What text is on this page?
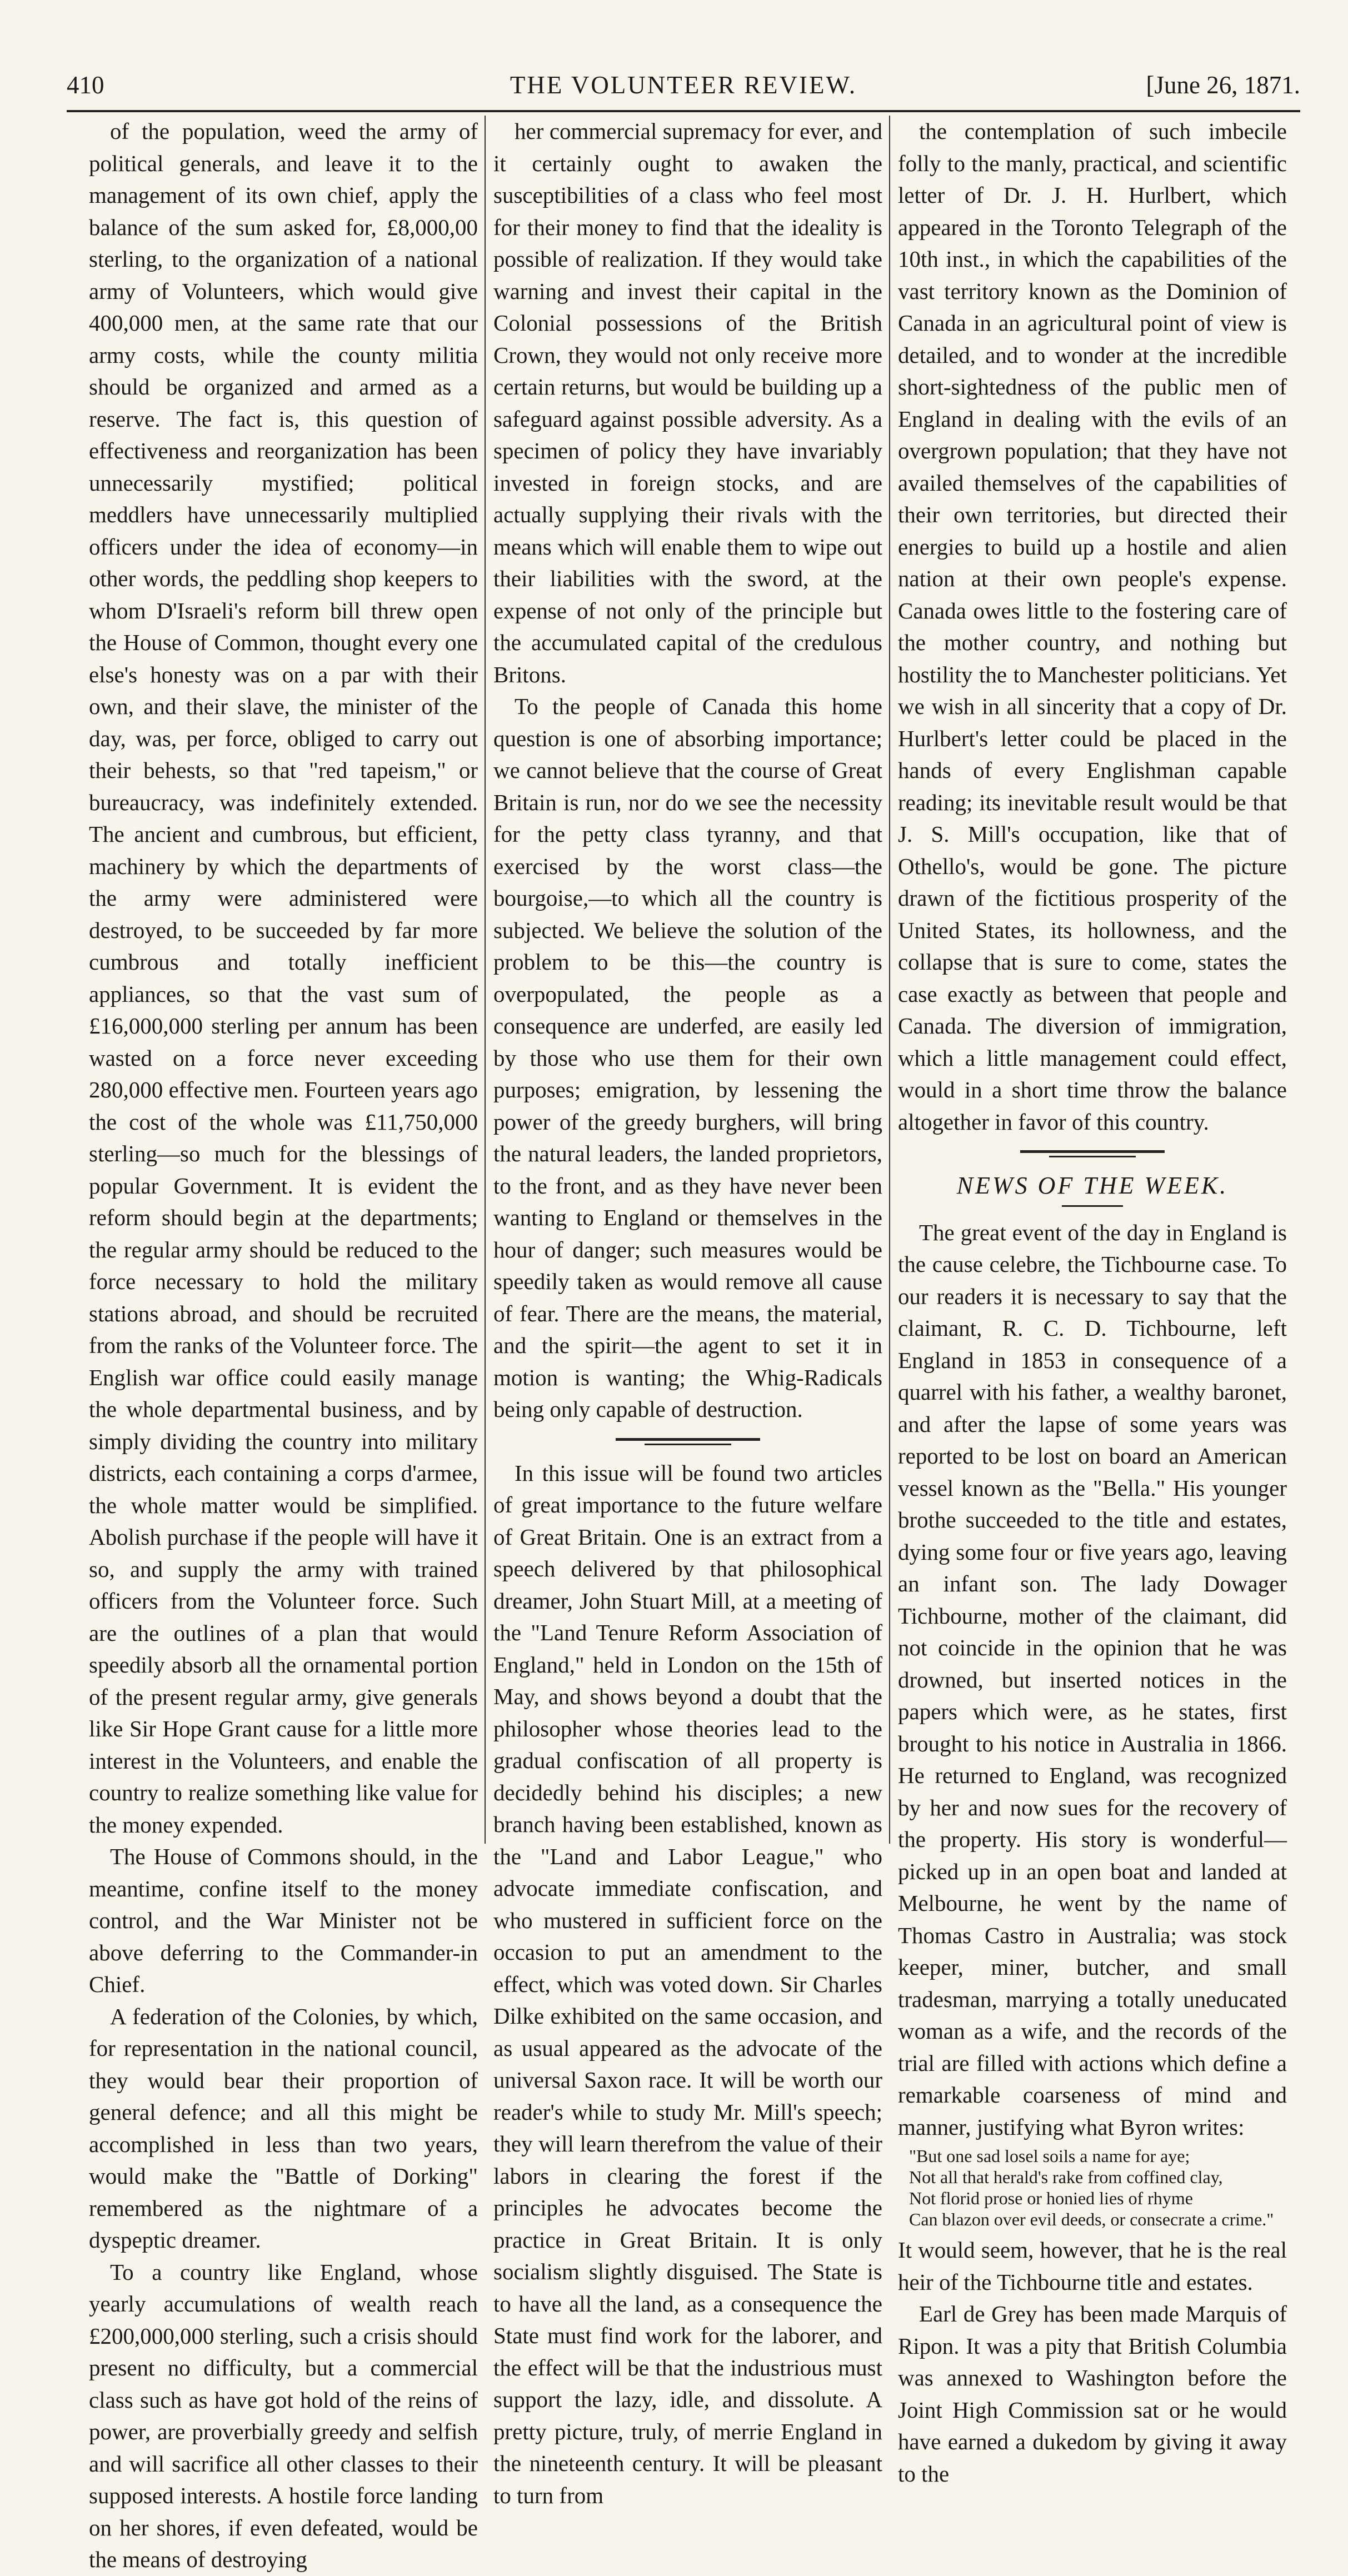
410	THE VOLUNTEER REVIEW.	[June 26, 1871.

of the population, weed the army of political generals, and leave it to the management of its own chief, apply the balance of the sum asked for, £8,000,00 sterling, to the organization of a national army of Volunteers, which would give 400,000 men, at the same rate that our army costs, while the county militia should be organized and armed as a reserve. The fact is, this question of effectiveness and reorganization has been unnecessarily mystified; political meddlers have unnecessarily multiplied officers under the idea of economy—in other words, the peddling shop keepers to whom D'Israeli's reform bill threw open the House of Common, thought every one else's honesty was on a par with their own, and their slave, the minister of the day, was, per force, obliged to carry out their behests, so that "red tapeism," or bureaucracy, was indefinitely extended. The ancient and cumbrous, but efficient, machinery by which the departments of the army were administered were destroyed, to be succeeded by far more cumbrous and totally inefficient appliances, so that the vast sum of £16,000,000 sterling per annum has been wasted on a force never exceeding 280,000 effective men. Fourteen years ago the cost of the whole was £11,750,000 sterling—so much for the blessings of popular Government. It is evident the reform should begin at the departments; the regular army should be reduced to the force necessary to hold the military stations abroad, and should be recruited from the ranks of the Volunteer force. The English war office could easily manage the whole departmental business, and by simply dividing the country into military districts, each containing a corps d'armee, the whole matter would be simplified. Abolish purchase if the people will have it so, and supply the army with trained officers from the Volunteer force. Such are the outlines of a plan that would speedily absorb all the ornamental portion of the present regular army, give generals like Sir Hope Grant cause for a little more interest in the Volunteers, and enable the country to realize something like value for the money expended.

The House of Commons should, in the meantime, confine itself to the money control, and the War Minister not be above deferring to the Commander-in Chief.

A federation of the Colonies, by which, for representation in the national council, they would bear their proportion of general defence; and all this might be accomplished in less than two years, would make the "Battle of Dorking" remembered as the nightmare of a dyspeptic dreamer.

To a country like England, whose yearly accumulations of wealth reach £200,000,000 sterling, such a crisis should present no difficulty, but a commercial class such as have got hold of the reins of power, are proverbially greedy and selfish and will sacrifice all other classes to their supposed interests. A hostile force landing on her shores, if even defeated, would be the means of destroying

her commercial supremacy for ever, and it certainly ought to awaken the susceptibilities of a class who feel most for their money to find that the ideality is possible of realization. If they would take warning and invest their capital in the Colonial possessions of the British Crown, they would not only receive more certain returns, but would be building up a safeguard against possible adversity. As a specimen of policy they have invariably invested in foreign stocks, and are actually supplying their rivals with the means which will enable them to wipe out their liabilities with the sword, at the expense of not only of the principle but the accumulated capital of the credulous Britons.

To the people of Canada this home question is one of absorbing importance; we cannot believe that the course of Great Britain is run, nor do we see the necessity for the petty class tyranny, and that exercised by the worst class—the bourgoise,—to which all the country is subjected. We believe the solution of the problem to be this—the country is overpopulated, the people as a consequence are underfed, are easily led by those who use them for their own purposes; emigration, by lessening the power of the greedy burghers, will bring the natural leaders, the landed proprietors, to the front, and as they have never been wanting to England or themselves in the hour of danger; such measures would be speedily taken as would remove all cause of fear. There are the means, the material, and the spirit—the agent to set it in motion is wanting; the Whig-Radicals being only capable of destruction.

In this issue will be found two articles of great importance to the future welfare of Great Britain. One is an extract from a speech delivered by that philosophical dreamer, John Stuart Mill, at a meeting of the "Land Tenure Reform Association of England," held in London on the 15th of May, and shows beyond a doubt that the philosopher whose theories lead to the gradual confiscation of all property is decidedly behind his disciples; a new branch having been established, known as the "Land and Labor League," who advocate immediate confiscation, and who mustered in sufficient force on the occasion to put an amendment to the effect, which was voted down. Sir Charles Dilke exhibited on the same occasion, and as usual appeared as the advocate of the universal Saxon race. It will be worth our reader's while to study Mr. Mill's speech; they will learn therefrom the value of their labors in clearing the forest if the principles he advocates become the practice in Great Britain. It is only socialism slightly disguised. The State is to have all the land, as a consequence the State must find work for the laborer, and the effect will be that the industrious must support the lazy, idle, and dissolute. A pretty picture, truly, of merrie England in the nineteenth century. It will be pleasant to turn from

the contemplation of such imbecile folly to the manly, practical, and scientific letter of Dr. J. H. Hurlbert, which appeared in the Toronto Telegraph of the 10th inst., in which the capabilities of the vast territory known as the Dominion of Canada in an agricultural point of view is detailed, and to wonder at the incredible short-sightedness of the public men of England in dealing with the evils of an overgrown population; that they have not availed themselves of the capabilities of their own territories, but directed their energies to build up a hostile and alien nation at their own people's expense. Canada owes little to the fostering care of the mother country, and nothing but hostility the to Manchester politicians. Yet we wish in all sincerity that a copy of Dr. Hurlbert's letter could be placed in the hands of every Englishman capable reading; its inevitable result would be that J. S. Mill's occupation, like that of Othello's, would be gone. The picture drawn of the fictitious prosperity of the United States, its hollowness, and the collapse that is sure to come, states the case exactly as between that people and Canada. The diversion of immigration, which a little management could effect, would in a short time throw the balance altogether in favor of this country.

NEWS OF THE WEEK.

The great event of the day in England is the cause celebre, the Tichbourne case. To our readers it is necessary to say that the claimant, R. C. D. Tichbourne, left England in 1853 in consequence of a quarrel with his father, a wealthy baronet, and after the lapse of some years was reported to be lost on board an American vessel known as the "Bella." His younger brothe succeeded to the title and estates, dying some four or five years ago, leaving an infant son. The lady Dowager Tichbourne, mother of the claimant, did not coincide in the opinion that he was drowned, but inserted notices in the papers which were, as he states, first brought to his notice in Australia in 1866. He returned to England, was recognized by her and now sues for the recovery of the property. His story is wonderful—picked up in an open boat and landed at Melbourne, he went by the name of Thomas Castro in Australia; was stock keeper, miner, butcher, and small tradesman, marrying a totally uneducated woman as a wife, and the records of the trial are filled with actions which define a remarkable coarseness of mind and manner, justifying what Byron writes:

"But one sad losel soils a name for aye;
Not all that herald's rake from coffined clay,
Not florid prose or honied lies of rhyme
Can blazon over evil deeds, or consecrate a crime."

It would seem, however, that he is the real heir of the Tichbourne title and estates.

Earl de Grey has been made Marquis of Ripon. It was a pity that British Columbia was annexed to Washington before the Joint High Commission sat or he would have earned a dukedom by giving it away to the
